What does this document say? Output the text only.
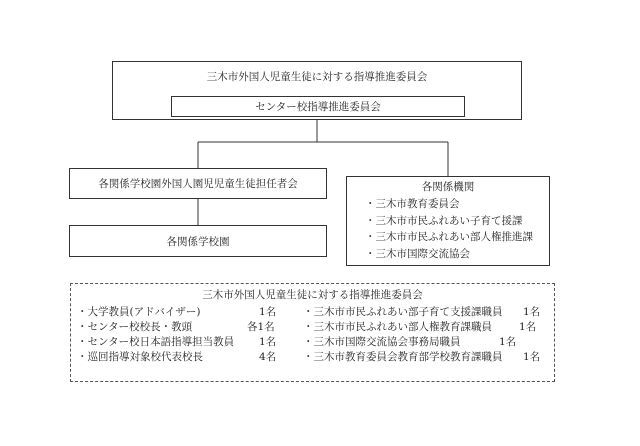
三木市外国人児童生徒に対する指導推進委員会
センター校指導推進委員会
各関係学校園外国人園児児童生徒担任者会
各関係学校園
各関係機関
・三木市教育委員会
・三木市市民ふれあい子育て援課
・三木市市民ふれあい部人権推進課
・三木市国際交流協会
三木市外国人児童生徒に対する指導推進委員会
・大学教員(アドバイザー)	1名
・センター校校長・教頭	各1名
・センター校日本語指導担当教員 1名
・巡回指導対象校代表校長	4名
・三木市市民ふれあい部子育て支援課職員 1名
・三木市市民ふれあい部人権教育課職員	1名
・三木市国際交流協会事務局職員	1名
・三木市教育委員会教育部学校教育課職員 1名
